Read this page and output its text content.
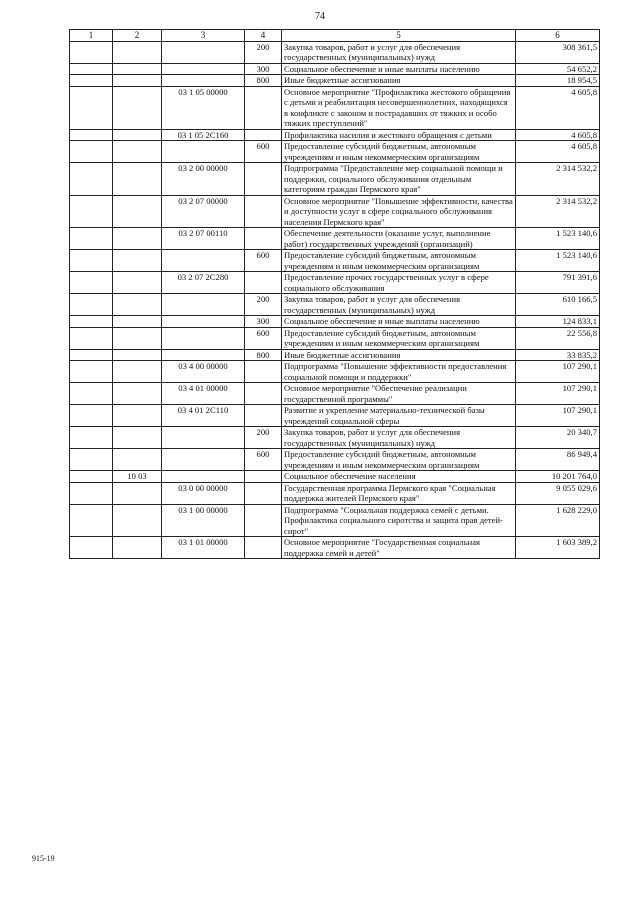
74
1	2	3	4	5	6
			200	Закупка товаров, работ и услуг для обеспечения государственных (муниципальных) нужд	308 361,5
			300	Социальное обеспечение и иные выплаты населению	54 652,2
			800	Иные бюджетные ассигнования	18 954,5
		03 1 05 00000		Основное мероприятие "Профилактика жестокого обращения с детьми и реабилитация несовершеннолетних, находящихся в конфликте с законом и пострадавших от тяжких и особо тяжких преступлений"	4 605,8
		03 1 05 2С160		Профилактика насилия и жестокого обращения с детьми	4 605,8
			600	Предоставление субсидий бюджетным, автономным учреждениям и иным некоммерческим организациям	4 605,8
		03 2 00 00000		Подпрограмма "Предоставление мер социальной помощи и поддержки, социального обслуживания отдельным категориям граждан Пермского края"	2 314 532,2
		03 2 07 00000		Основное мероприятие "Повышение эффективности, качества и доступности услуг в сфере социального обслуживания населения Пермского края"	2 314 532,2
		03 2 07 00110		Обеспечение деятельности (оказание услуг, выполнение работ) государственных учреждений (организаций)	1 523 140,6
			600	Предоставление субсидий бюджетным, автономным учреждениям и иным некоммерческим организациям	1 523 140,6
		03 2 07 2С280		Предоставление прочих государственных услуг в сфере социального обслуживания	791 391,6
			200	Закупка товаров, работ и услуг для обеспечения государственных (муниципальных) нужд	610 166,5
			300	Социальное обеспечение и иные выплаты населению	124 833,1
			600	Предоставление субсидий бюджетным, автономным учреждениям и иным некоммерческим организациям	22 556,8
			800	Иные бюджетные ассигнования	33 835,2
		03 4 00 00000		Подпрограмма "Повышение эффективности предоставления социальной помощи и поддержки"	107 290,1
		03 4 01 00000		Основное мероприятие "Обеспечение реализации государственной программы"	107 290,1
		03 4 01 2С110		Развитие и укрепление материально-технической базы учреждений социальной сферы	107 290,1
			200	Закупка товаров, работ и услуг для обеспечения государственных (муниципальных) нужд	20 340,7
			600	Предоставление субсидий бюджетным, автономным учреждениям и иным некоммерческим организациям	86 949,4
	10 03			Социальное обеспечение населения	10 201 764,0
		03 0 00 00000		Государственная программа Пермского края "Социальная поддержка жителей Пермского края"	9 055 029,6
		03 1 00 00000		Подпрограмма "Социальная поддержка семей с детьми. Профилактика социального сиротства и защита прав детей-сирот"	1 628 229,0
		03 1 01 00000		Основное мероприятие "Государственная социальная поддержка семей и детей"	1 603 389,2
915-19
